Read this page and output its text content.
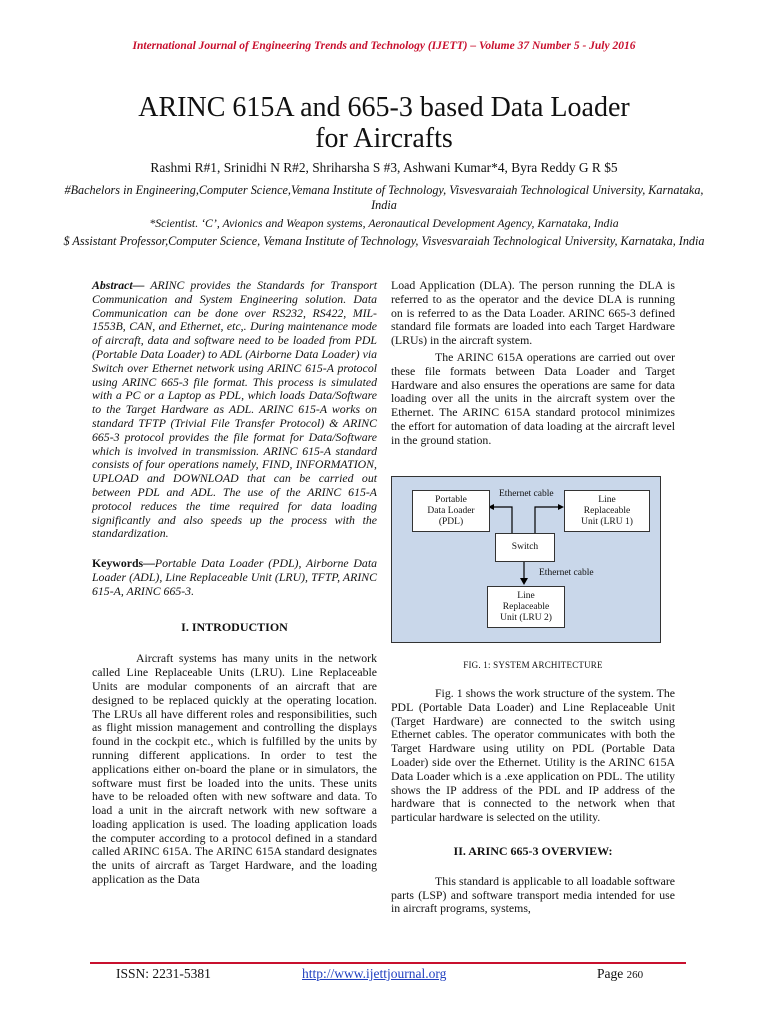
International Journal of Engineering Trends and Technology (IJETT) – Volume 37 Number 5 - July 2016
ARINC 615A and 665-3 based Data Loader
for Aircrafts
Rashmi R#1, Srinidhi N R#2, Shriharsha S #3, Ashwani Kumar*4, Byra Reddy G R $5
#Bachelors in Engineering,Computer Science,Vemana Institute of Technology, Visvesvaraiah Technological University, Karnataka, India
*Scientist. ‘C’, Avionics and Weapon systems, Aeronautical Development Agency, Karnataka, India
$ Assistant Professor,Computer Science, Vemana Institute of Technology, Visvesvaraiah Technological University, Karnataka, India

Abstract— ARINC provides the Standards for Transport Communication and System Engineering solution. Data Communication can be done over RS232, RS422, MIL-1553B, CAN, and Ethernet, etc,. During maintenance mode of aircraft, data and software need to be loaded from PDL (Portable Data Loader) to ADL (Airborne Data Loader) via Switch over Ethernet network using ARINC 615-A protocol using ARINC 665-3 file format. This process is simulated with a PC or a Laptop as PDL, which loads Data/Software to the Target Hardware as ADL. ARINC 615-A works on standard TFTP (Trivial File Transfer Protocol) & ARINC 665-3 protocol provides the file format for Data/Software which is involved in transmission. ARINC 615-A standard consists of four operations namely, FIND, INFORMATION, UPLOAD and DOWNLOAD that can be carried out between PDL and ADL. The use of the ARINC 615-A protocol reduces the time required for data loading significantly and also speeds up the process with the standardization.

Keywords—Portable Data Loader (PDL), Airborne Data Loader (ADL), Line Replaceable Unit (LRU), TFTP, ARINC 615-A, ARINC 665-3.

I. INTRODUCTION

Aircraft systems has many units in the network called Line Replaceable Units (LRU). Line Replaceable Units are modular components of an aircraft that are designed to be replaced quickly at the operating location. The LRUs all have different roles and responsibilities, such as flight mission management and controlling the displays found in the cockpit etc., which is fulfilled by the units by running different applications. In order to test the applications either on-board the plane or in simulators, the software must first be loaded into the units. These units have to be reloaded often with new software and data. To load a unit in the aircraft network with new software a loading application is used. The loading application loads the computer according to a protocol defined in a standard called ARINC 615A. The ARINC 615A standard designates the units of aircraft as Target Hardware, and the loading application as the Data

Load Application (DLA). The person running the DLA is referred to as the operator and the device DLA is running on is referred to as the Data Loader. ARINC 665-3 defined standard file formats are loaded into each Target Hardware (LRUs) in the aircraft system.

The ARINC 615A operations are carried out over these file formats between Data Loader and Target Hardware and also ensures the operations are same for data loading over all the units in the aircraft system over the Ethernet. The ARINC 615A standard protocol minimizes the effort for automation of data loading at the aircraft level in the ground station.

Portable
Data Loader
(PDL)
Line
Replaceable
Unit (LRU 1)
Switch
Line
Replaceable
Unit (LRU 2)
Ethernet cable
Ethernet cable
FIG. 1: SYSTEM ARCHITECTURE

Fig. 1 shows the work structure of the system. The PDL (Portable Data Loader) and Line Replaceable Unit (Target Hardware) are connected to the switch using Ethernet cables. The operator communicates with both the Target Hardware using utility on PDL (Portable Data Loader) side over the Ethernet. Utility is the ARINC 615A Data Loader which is a .exe application on PDL. The utility shows the IP address of the PDL and IP address of the hardware that is connected to the network when that particular hardware is selected on the utility.

II. ARINC 665-3 OVERVIEW:

This standard is applicable to all loadable software parts (LSP) and software transport media intended for use in aircraft programs, systems,

ISSN: 2231-5381	http://www.ijettjournal.org	Page 260
